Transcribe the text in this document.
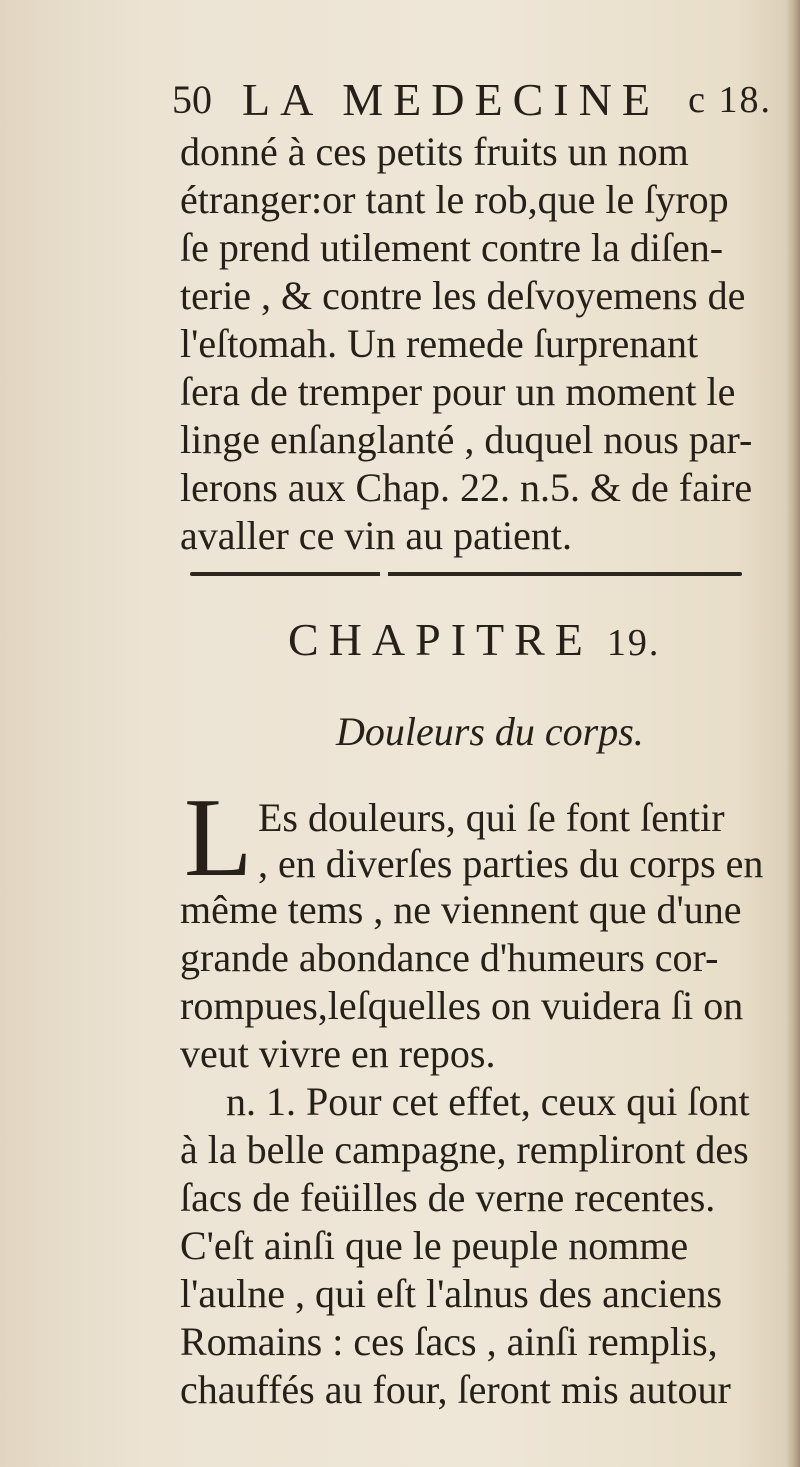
50 LA MEDECINE c 18.
donné à ces petits fruits un nom
étranger:or tant le rob,que le ſyrop
ſe prend utilement contre la diſen-
terie , & contre les deſvoyemens de
l'eſtomah. Un remede ſurprenant
ſera de tremper pour un moment le
linge enſanglanté , duquel nous par-
lerons aux Chap. 22. n.5. & de faire
avaller ce vin au patient.
CHAPITRE 19.
Douleurs du corps.
L Es douleurs, qui ſe font ſentir
, en diverſes parties du corps en
même tems , ne viennent que d'une
grande abondance d'humeurs cor-
rompues,leſquelles on vuidera ſi on
veut vivre en repos.
n. 1. Pour cet effet, ceux qui ſont
à la belle campagne, rempliront des
ſacs de feüilles de verne recentes.
C'eſt ainſi que le peuple nomme
l'aulne , qui eſt l'alnus des anciens
Romains : ces ſacs , ainſi remplis,
chauffés au four, ſeront mis autour
